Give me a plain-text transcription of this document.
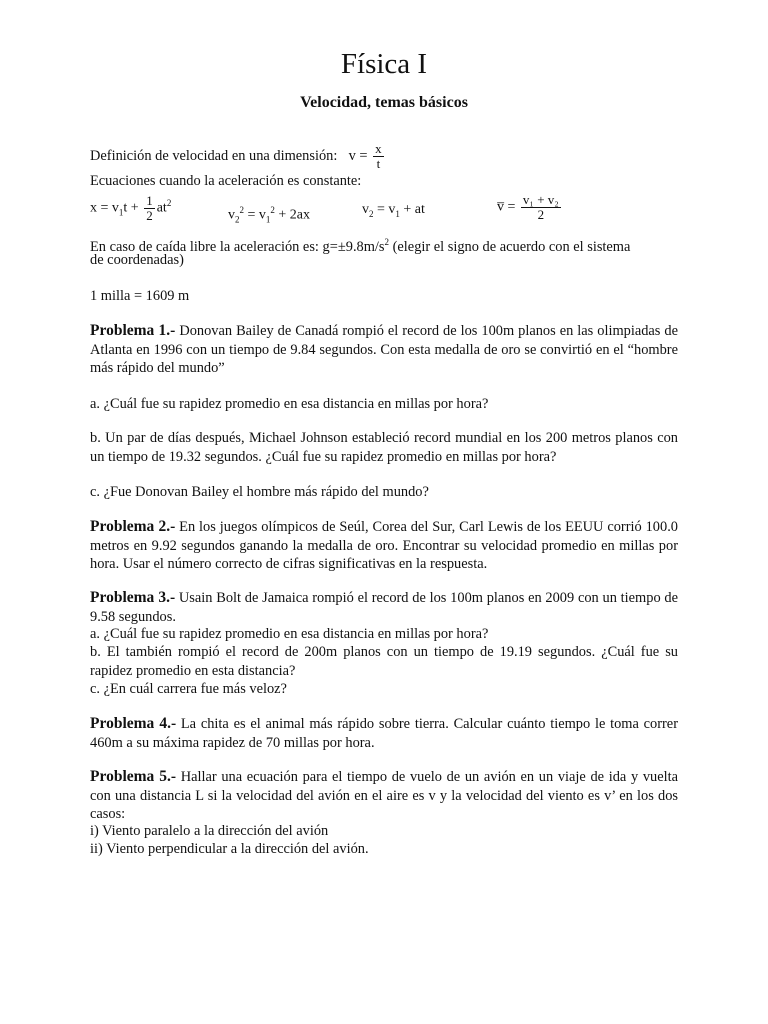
Física I
Velocidad, temas básicos
Definición de velocidad en una dimensión: $v = \frac{x}{t}$
Ecuaciones cuando la aceleración es constante:
$x = v_1t + \frac{1}{2} at^2$
$v_2^2 = v_1^2 + 2ax$	$v_2 = v_1$ + at	v̅ = $\frac{\text{v₁ + v₂}}{2}$
En caso de caída libre la aceleración es: $g=\pm 9.8m/s^2$ (elegir el signo de acuerdo con el sistema
de coordenadas)
1 milla = 1609 m
Problema 1.- Donovan Bailey de Canadá rompió el record de los 100m planos en las olimpiadas de Atlanta en 1996 con un tiempo de 9.84 segundos. Con esta medalla de oro se convirtió en el “hombre más rápido del mundo”
a. ¿Cuál fue su rapidez promedio en esa distancia en millas por hora?
b. Un par de días después, Michael Johnson estableció record mundial en los 200 metros planos con un tiempo de 19.32 segundos. ¿Cuál fue su rapidez promedio en millas por hora?
c. ¿Fue Donovan Bailey el hombre más rápido del mundo?
Problema 2.- En los juegos olímpicos de Seúl, Corea del Sur, Carl Lewis de los EEUU corrió 100.0 metros en 9.92 segundos ganando la medalla de oro. Encontrar su velocidad promedio en millas por hora. Usar el número correcto de cifras significativas en la respuesta.
Problema 3.- Usain Bolt de Jamaica rompió el record de los 100m planos en 2009 con un tiempo de 9.58 segundos.
a. ¿Cuál fue su rapidez promedio en esa distancia en millas por hora?
b. El también rompió el record de 200m planos con un tiempo de 19.19 segundos. ¿Cuál fue su rapidez promedio en esta distancia?
c. ¿En cuál carrera fue más veloz?
Problema 4.- La chita es el animal más rápido sobre tierra. Calcular cuánto tiempo le toma correr 460m a su máxima rapidez de 70 millas por hora.
Problema 5.- Hallar una ecuación para el tiempo de vuelo de un avión en un viaje de ida y vuelta con una distancia L si la velocidad del avión en el aire es v y la velocidad del viento es v’ en los dos casos:
i) Viento paralelo a la dirección del avión
ii) Viento perpendicular a la dirección del avión.
